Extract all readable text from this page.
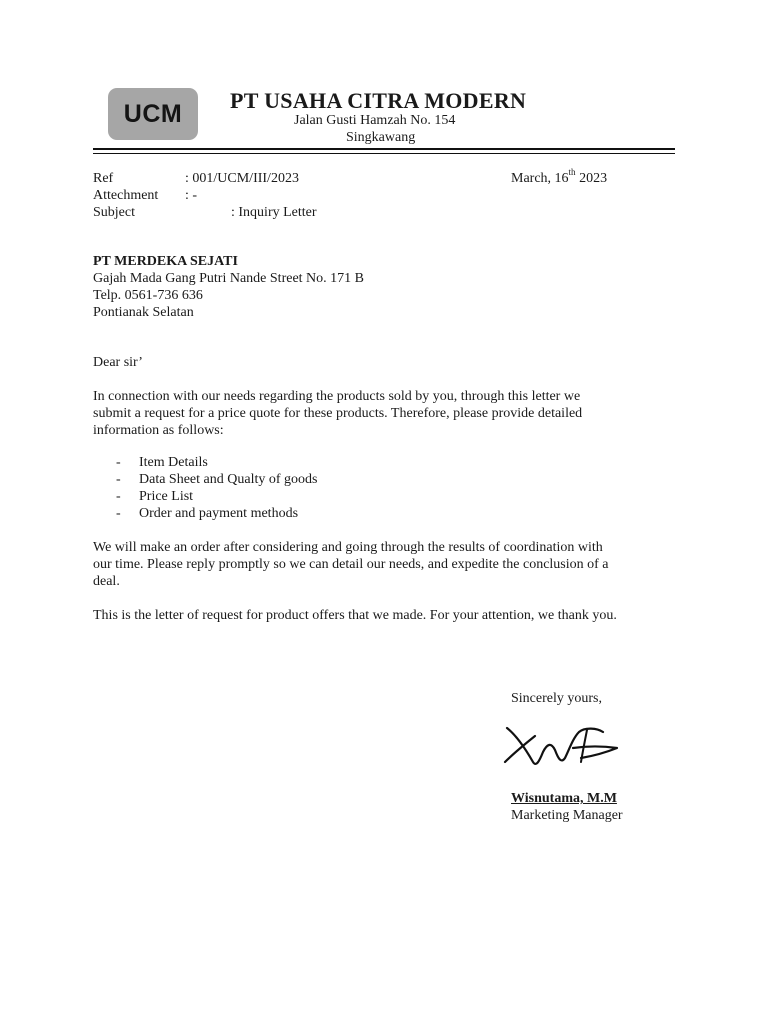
UCM PT USAHA CITRA MODERN
Jalan Gusti Hamzah No. 154
Singkawang
Ref	: 001/UCM/III/2023	March, 16th 2023
Attechment : -
Subject	: Inquiry Letter
PT MERDEKA SEJATI
Gajah Mada Gang Putri Nande Street No. 171 B
Telp. 0561-736 636
Pontianak Selatan
Dear sir’
In connection with our needs regarding the products sold by you, through this letter we
submit a request for a price quote for these products. Therefore, please provide detailed
information as follows:
- Item Details
- Data Sheet and Qualty of goods
- Price List
- Order and payment methods
We will make an order after considering and going through the results of coordination with
our time. Please reply promptly so we can detail our needs, and expedite the conclusion of a
deal.
This is the letter of request for product offers that we made. For your attention, we thank you.
Sincerely yours,
Wisnutama, M.M
Marketing Manager
